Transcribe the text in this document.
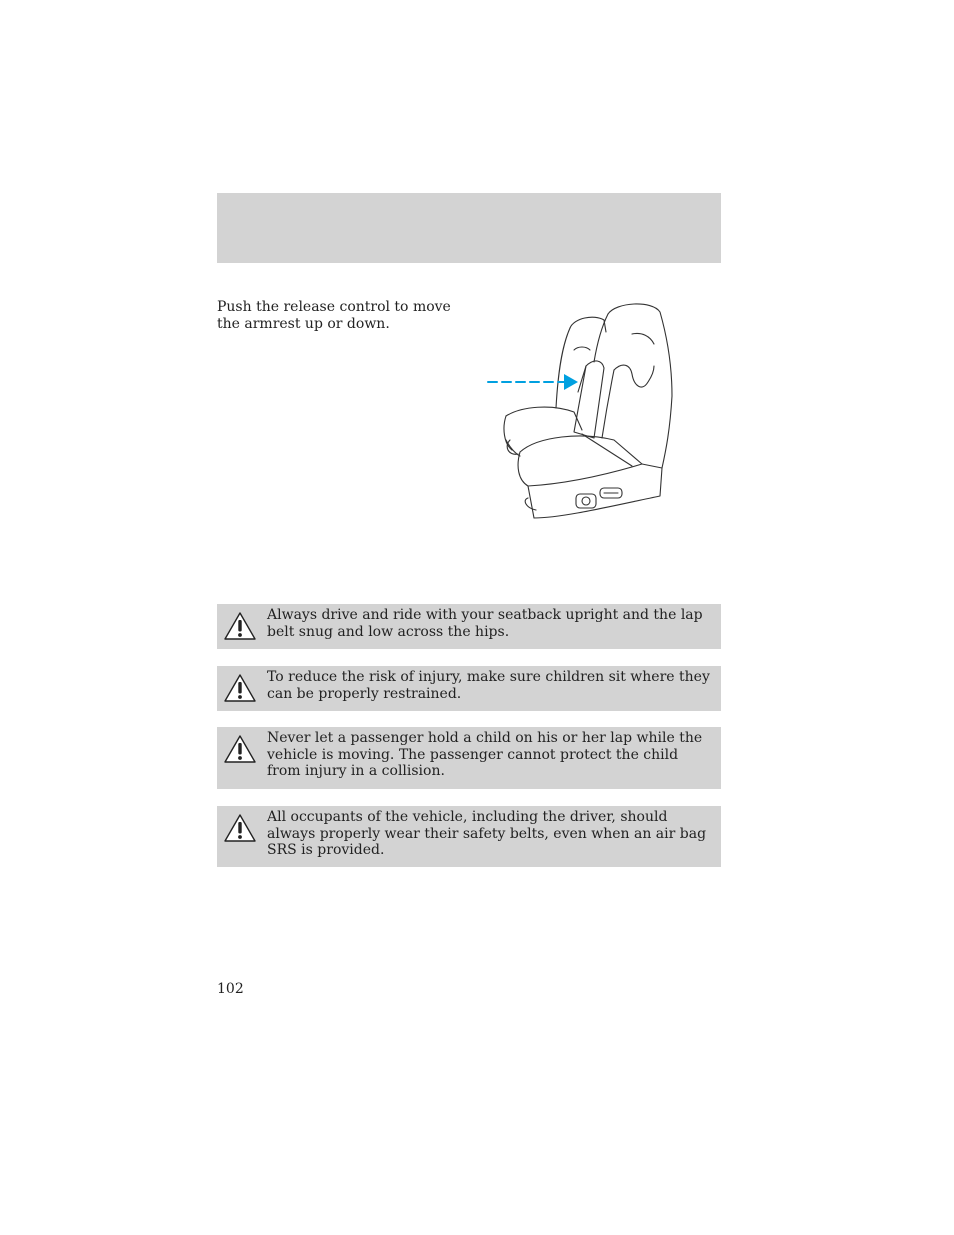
Push the release control to move the armrest up or down.
Always drive and ride with your seatback upright and the lap belt snug and low across the hips.
To reduce the risk of injury, make sure children sit where they can be properly restrained.
Never let a passenger hold a child on his or her lap while the vehicle is moving. The passenger cannot protect the child from injury in a collision.
All occupants of the vehicle, including the driver, should always properly wear their safety belts, even when an air bag SRS is provided.
102
